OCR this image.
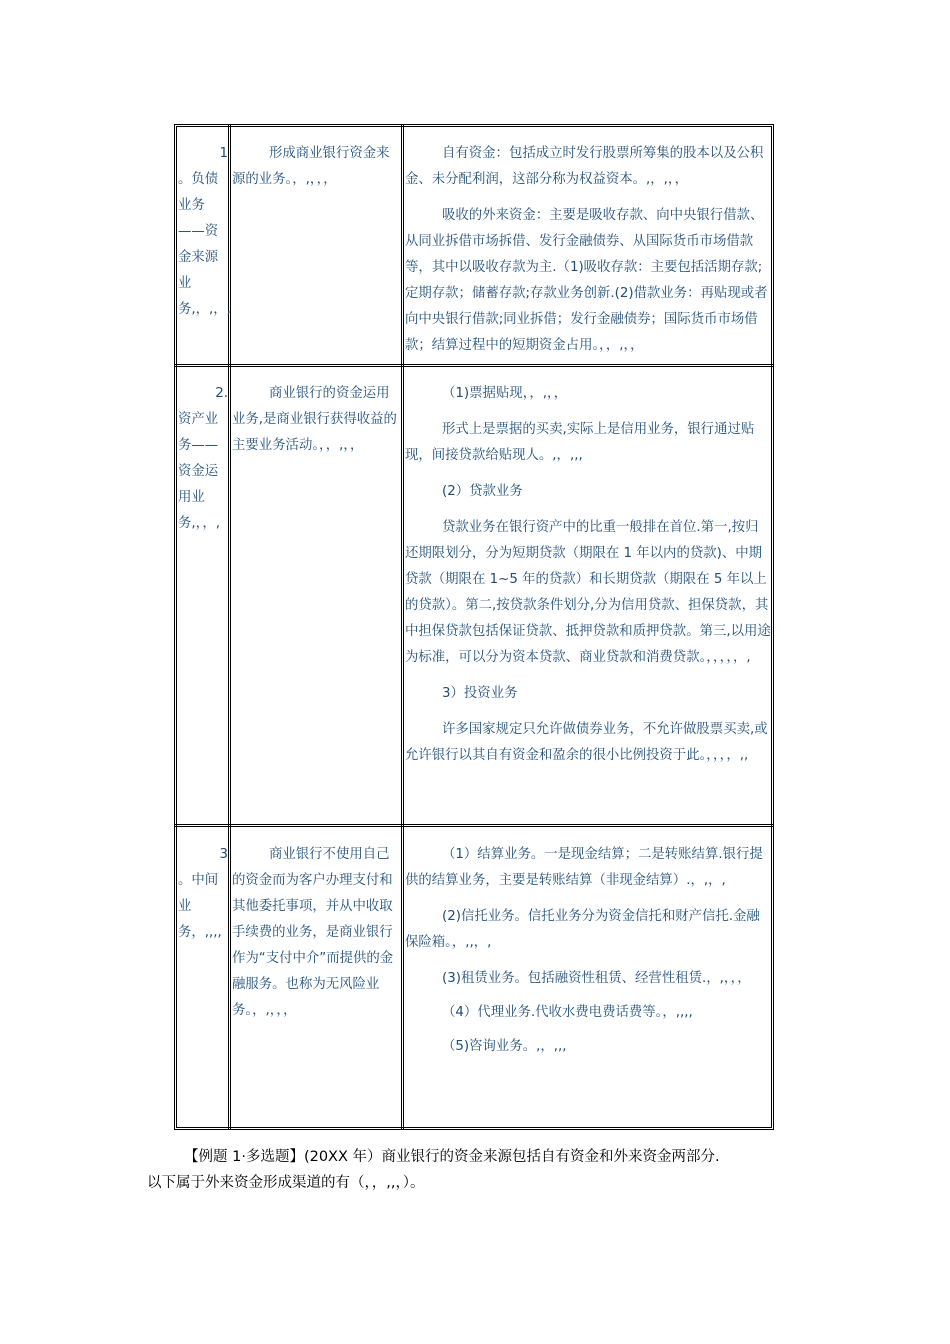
1

。负债业务——资金来源业务,，,，,

形成商业银行资金来源的业务。，,，，，

自有资金：包括成立时发行股票所筹集的股本以及公积金、未分配利润，这部分称为权益资本。,，,，，

吸收的外来资金：主要是吸收存款、向中央银行借款、从同业拆借市场拆借、发行金融债券、从国际货币市场借款等，其中以吸收存款为主.（1)吸收存款：主要包括活期存款;定期存款；储蓄存款;存款业务创新.(2)借款业务：再贴现或者向中央银行借款;同业拆借；发行金融债券；国际货币市场借款；结算过程中的短期资金占用。，，,，，

2.

资产业务——资金运用业务,，，,

商业银行的资金运用业务,是商业银行获得收益的主要业务活动。，，,，，

（1)票据贴现，，,，，

形式上是票据的买卖,实际上是信用业务，银行通过贴现，间接贷款给贴现人。,，,,,

(2）贷款业务

贷款业务在银行资产中的比重一般排在首位.第一,按归还期限划分，分为短期贷款（期限在 1 年以内的贷款)、中期贷款（期限在 1~5 年的贷款）和长期贷款（期限在 5 年以上的贷款）。第二,按贷款条件划分,分为信用贷款、担保贷款，其中担保贷款包括保证贷款、抵押贷款和质押贷款。第三,以用途为标准，可以分为资本贷款、商业贷款和消费贷款。，，，，，,

3）投资业务

许多国家规定只允许做债券业务，不允许做股票买卖,或允许银行以其自有资金和盈余的很小比例投资于此。，，，，,,

3

。中间业务，,,,,

商业银行不使用自己的资金而为客户办理支付和其他委托事项，并从中收取手续费的业务，是商业银行作为“支付中介”而提供的金融服务。也称为无风险业务。，,，，，

（1）结算业务。一是现金结算；二是转账结算.银行提供的结算业务，主要是转账结算（非现金结算）.，,，,

(2)信托业务。信托业务分为资金信托和财产信托.金融保险箱。，,,，,

(3)租赁业务。包括融资性租赁、经营性租赁.，,，，，

（4）代理业务.代收水费电费话费等。，,,,,

（5)咨询业务。,，,,,

【例题 1·多选题】(20XX 年）商业银行的资金来源包括自有资金和外来资金两部分.

以下属于外来资金形成渠道的有（，，,,，）。
